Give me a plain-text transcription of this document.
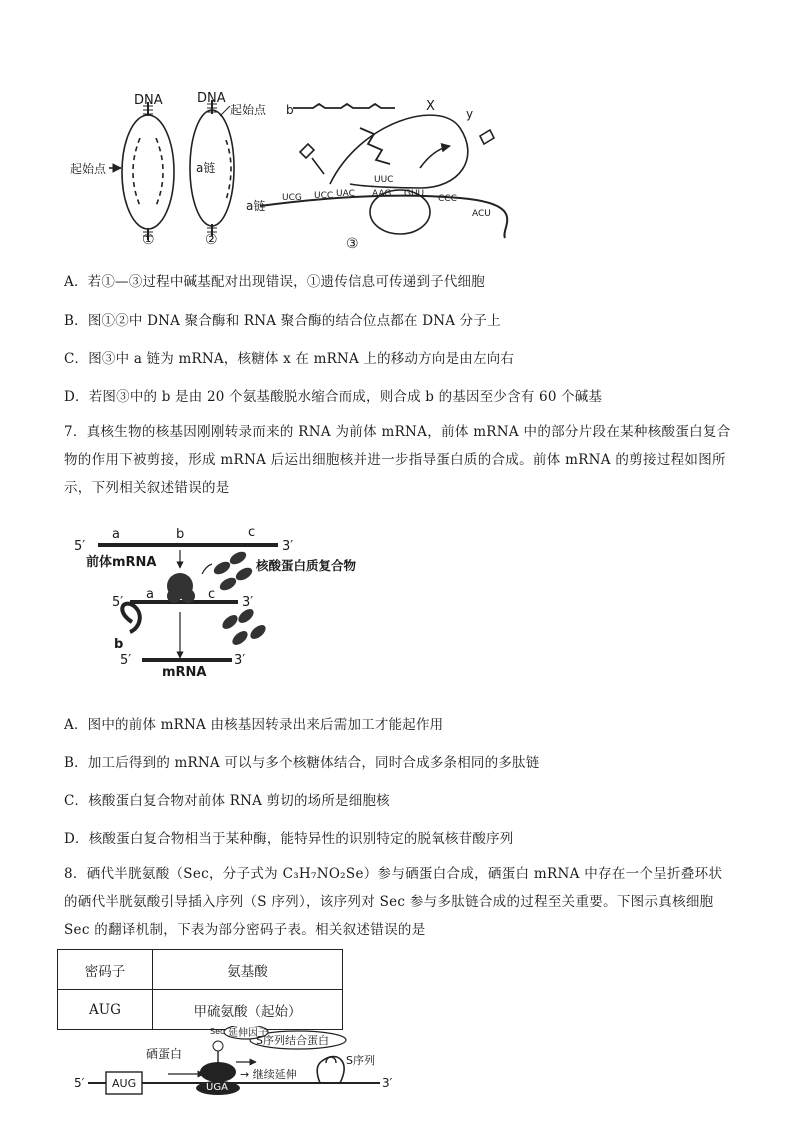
DNA	DNA
起始点
起始点	a链
a链
b	X	y
UCG UCC UAC AAG GUU CCC
ACU
UUC
①	②	③
A．若①—③过程中碱基配对出现错误，①遗传信息可传递到子代细胞
B．图①②中 DNA 聚合酶和 RNA 聚合酶的结合位点都在 DNA 分子上
C．图③中 a 链为 mRNA，核糖体 x 在 mRNA 上的移动方向是由左向右
D．若图③中的 b 是由 20 个氨基酸脱水缩合而成，则合成 b 的基因至少含有 60 个碱基
7．真核生物的核基因刚刚转录而来的 RNA 为前体 mRNA，前体 mRNA 中的部分片段在某种核酸蛋白复合物的作用下被剪接，形成 mRNA 后运出细胞核并进一步指导蛋白质的合成。前体 mRNA 的剪接过程如图所示，下列相关叙述错误的是
5′	3′
a	b	c
前体mRNA	核酸蛋白质复合物
5′
a	c
3′
b
5′	3′
mRNA
A．图中的前体 mRNA 由核基因转录出来后需加工才能起作用
B．加工后得到的 mRNA 可以与多个核糖体结合，同时合成多条相同的多肽链
C．核酸蛋白复合物对前体 RNA 剪切的场所是细胞核
D．核酸蛋白复合物相当于某种酶，能特异性的识别特定的脱氧核苷酸序列
8．硒代半胱氨酸（Sec，分子式为 C₃H₇NO₂Se）参与硒蛋白合成，硒蛋白 mRNA 中存在一个呈折叠环状的硒代半胱氨酸引导插入序列（S 序列），该序列对 Sec 参与多肽链合成的过程至关重要。下图示真核细胞 Sec 的翻译机制，下表为部分密码子表。相关叙述错误的是
密码子	氨基酸
AUG	甲硫氨酸（起始）
Sec 延伸因子
S序列结合蛋白
S序列
硒蛋白
→ 继续延伸
AUG	UGA
5′	3′
